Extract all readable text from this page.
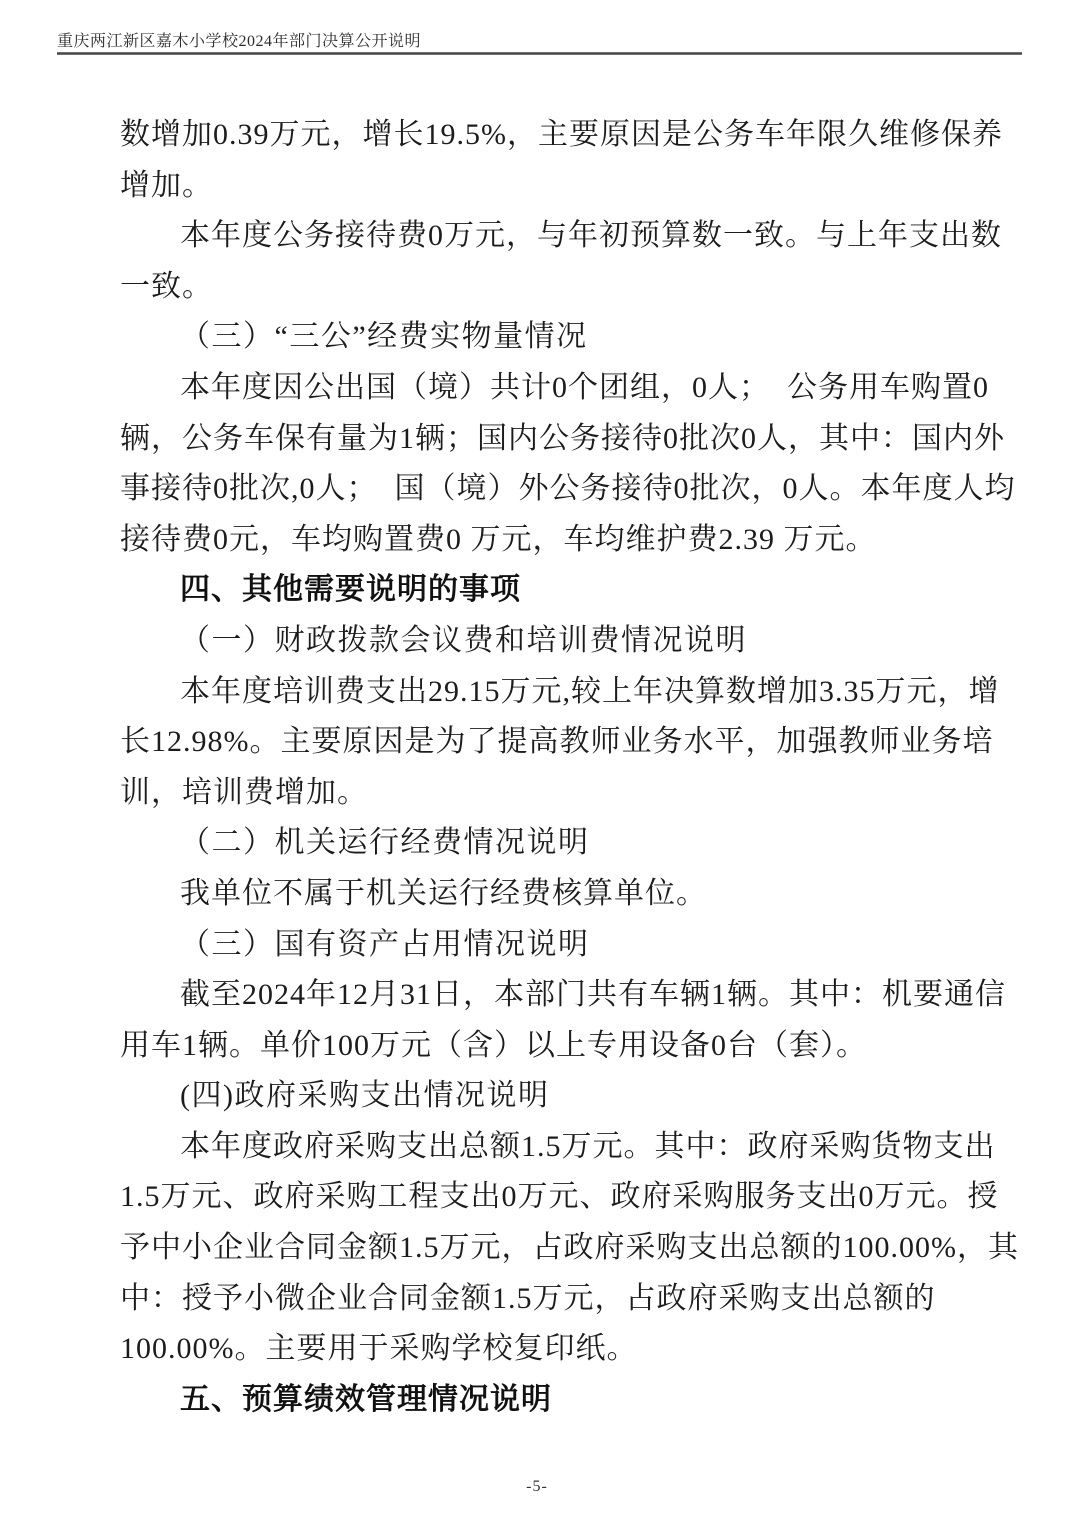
重庆两江新区嘉木小学校2024年部门决算公开说明
数增加0.39万元，增长19.5%，主要原因是公务车年限久维修保养
增加。
本年度公务接待费0万元，与年初预算数一致。与上年支出数
一致。
（三）“三公”经费实物量情况
本年度因公出国（境）共计0个团组，0人；  公务用车购置0
辆，公务车保有量为1辆；国内公务接待0批次0人，其中：国内外
事接待0批次,0人；  国（境）外公务接待0批次，0人。本年度人均
接待费0元，车均购置费0 万元，车均维护费2.39 万元。
四、其他需要说明的事项
（一）财政拨款会议费和培训费情况说明
本年度培训费支出29.15万元,较上年决算数增加3.35万元，增
长12.98%。主要原因是为了提高教师业务水平，加强教师业务培
训，培训费增加。
（二）机关运行经费情况说明
我单位不属于机关运行经费核算单位。
（三）国有资产占用情况说明
截至2024年12月31日，本部门共有车辆1辆。其中：机要通信
用车1辆。单价100万元（含）以上专用设备0台（套）。
(四)政府采购支出情况说明
本年度政府采购支出总额1.5万元。其中：政府采购货物支出
1.5万元、政府采购工程支出0万元、政府采购服务支出0万元。授
予中小企业合同金额1.5万元，占政府采购支出总额的100.00%，其
中：授予小微企业合同金额1.5万元，占政府采购支出总额的
100.00%。主要用于采购学校复印纸。
五、预算绩效管理情况说明
-5-
